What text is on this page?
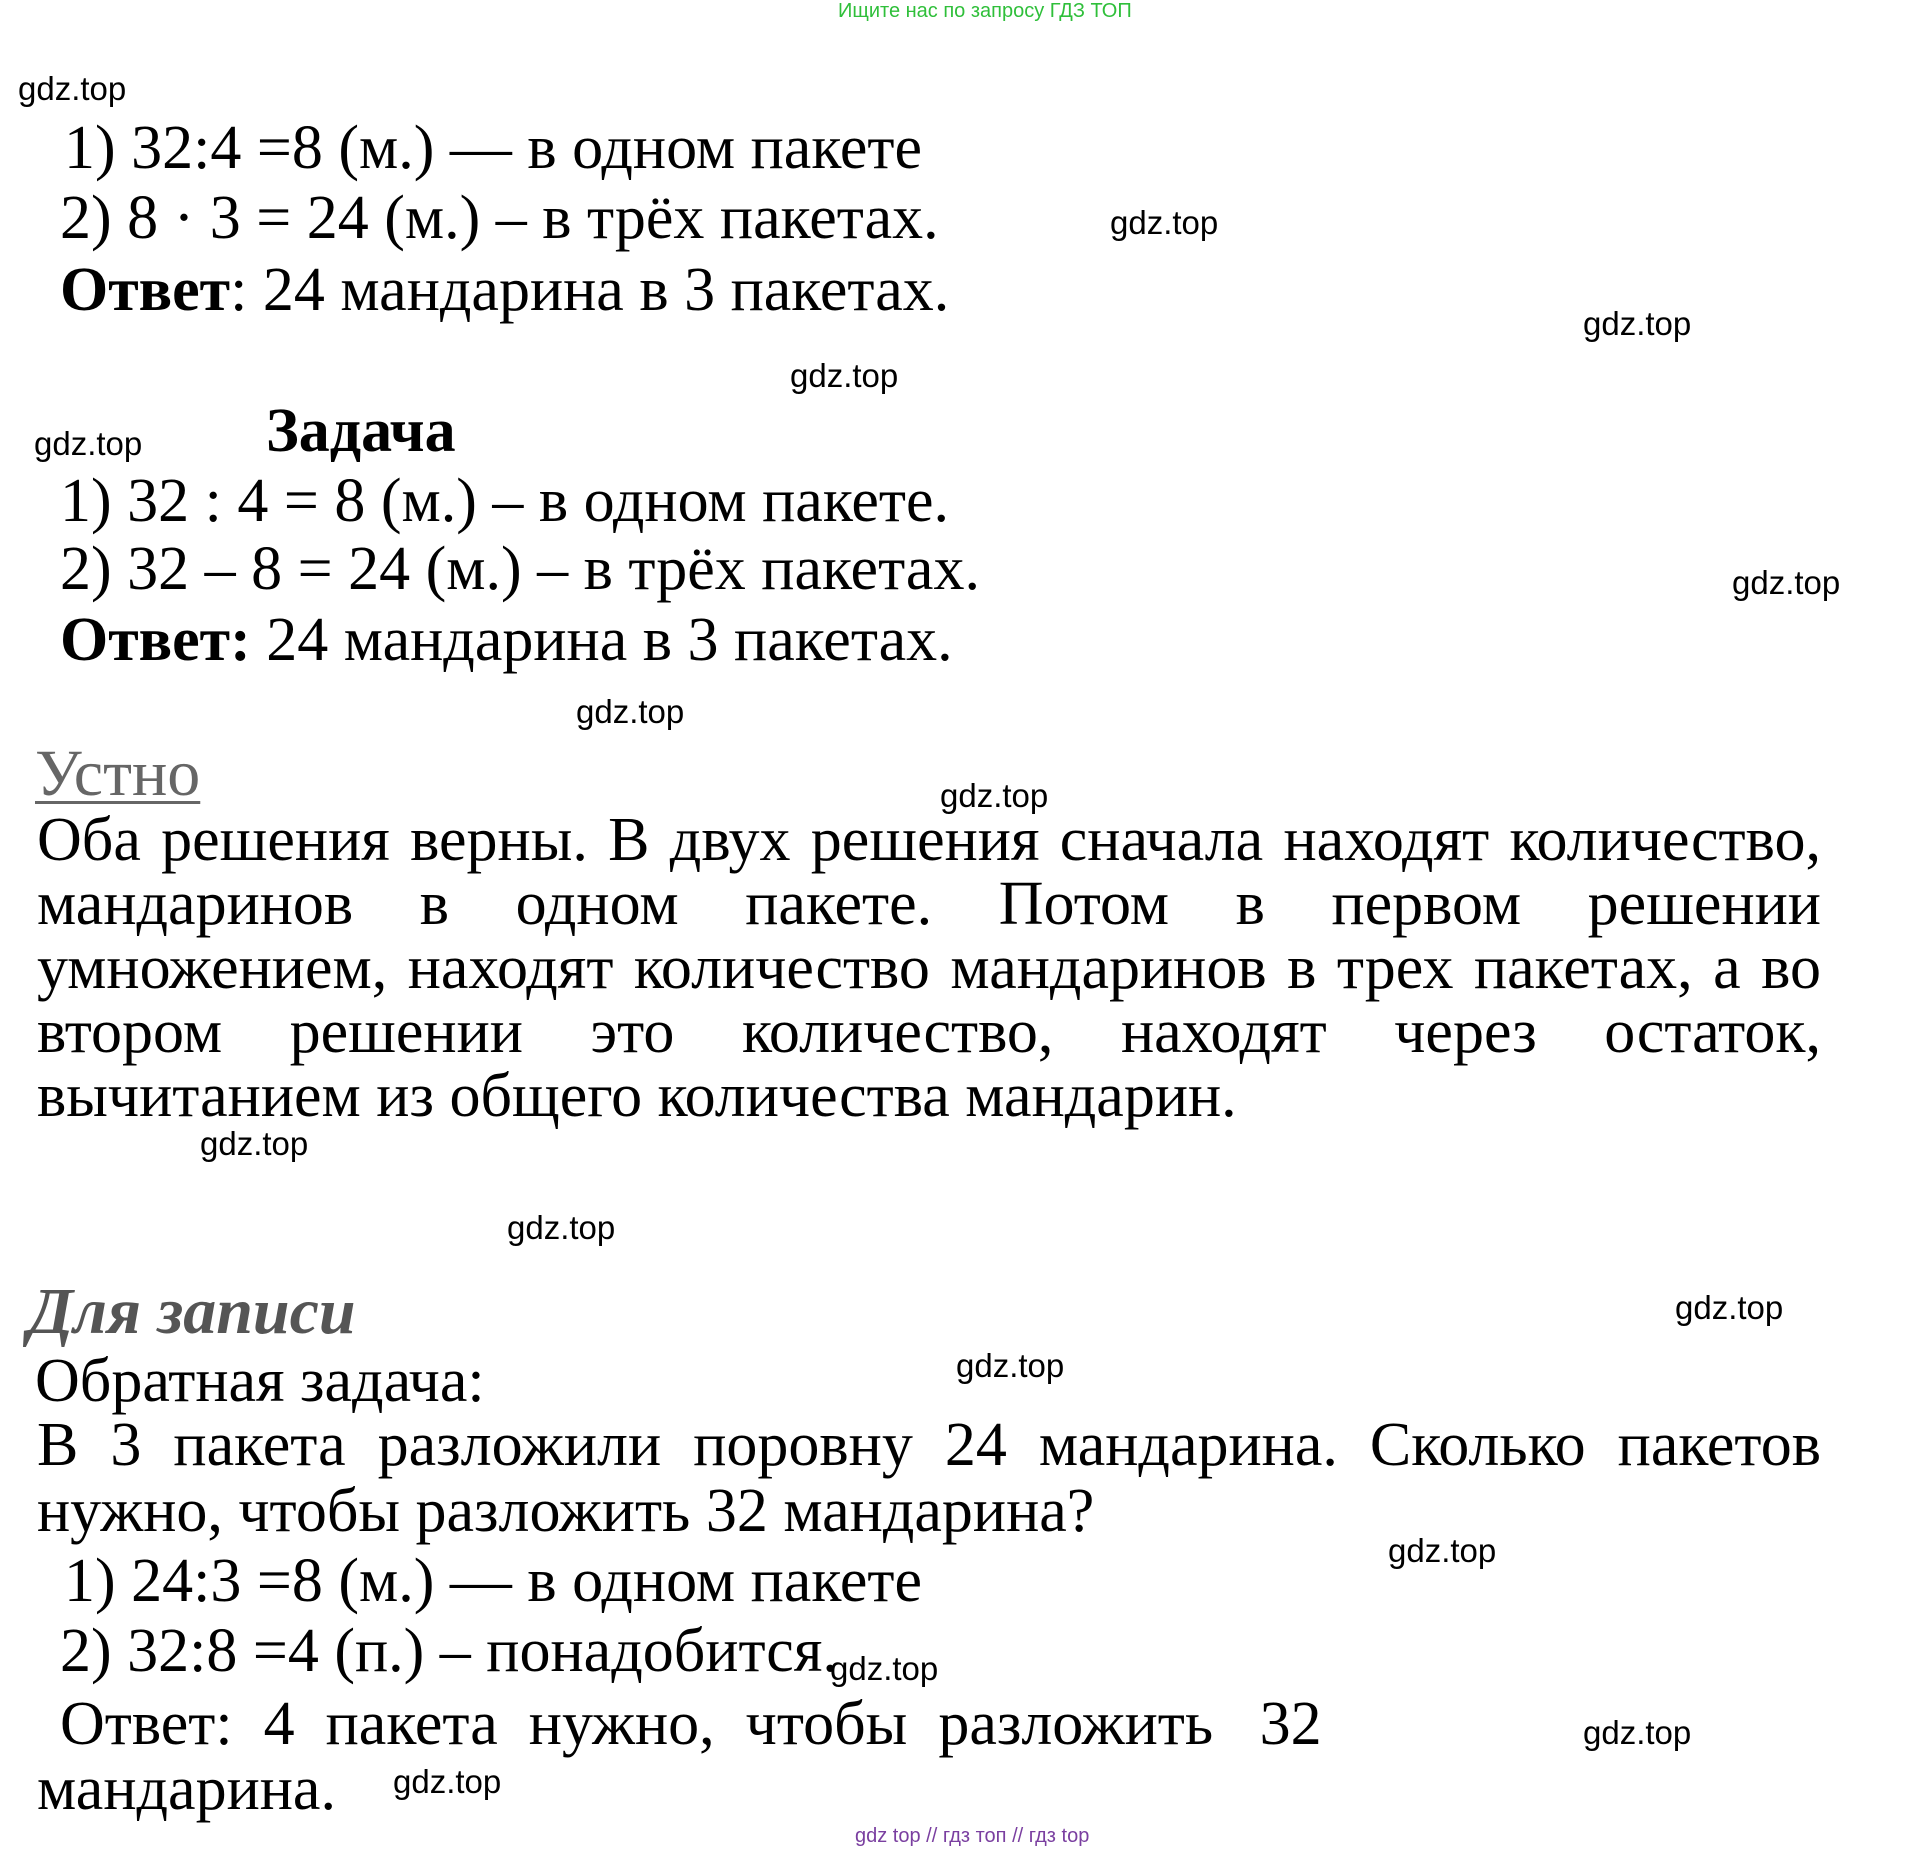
Ищите нас по запросу ГДЗ ТОП
gdz.top
gdz.top
gdz.top
gdz.top
gdz.top
gdz.top
gdz.top
gdz.top
gdz.top
gdz.top
gdz.top
gdz.top
gdz.top
gdz.top
gdz.top
gdz.top
1) 32:4 =8 (м.) — в одном пакете
2) 8 · 3 = 24 (м.) – в трёх пакетах.
Ответ: 24 мандарина в 3 пакетах.
Задача
1) 32 : 4 = 8 (м.) – в одном пакете.
2) 32 – 8 = 24 (м.) – в трёх пакетах.
Ответ: 24 мандарина в 3 пакетах.
Устно
Оба решения верны. В двух решения сначала находят количество, мандаринов в одном пакете. Потом в первом решении умножением, находят количество мандаринов в трех пакетах, а во втором решении это количество, находят через остаток, вычитанием из общего количества мандарин.
Для записи
Обратная задача:
В 3 пакета разложили поровну 24 мандарина. Сколько пакетов нужно, чтобы разложить 32 мандарина?
1) 24:3 =8 (м.) — в одном пакете
2) 32:8 =4 (п.) – понадобится.
Ответ:  4  пакета  нужно,  чтобы  разложить   32
мандарина.
gdz top // гдз топ // гдз top
